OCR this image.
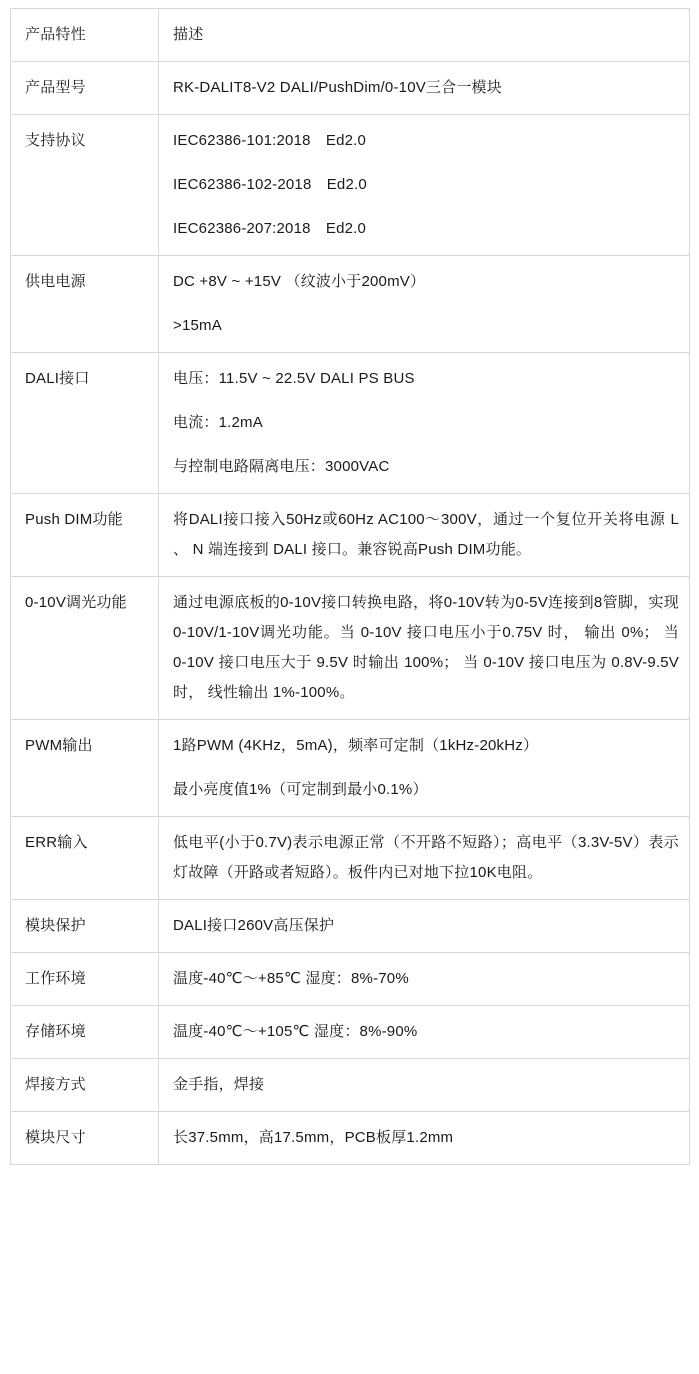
产品特性	描述
产品型号	RK-DALIT8-V2 DALI/PushDim/0-10V三合一模块

支持协议	IEC62386-101:2018　Ed2.0
IEC62386-102-2018　Ed2.0
IEC62386-207:2018　Ed2.0

供电电源	DC +8V ~ +15V （纹波小于200mV）
>15mA

DALI接口	电压：11.5V ~ 22.5V DALI PS BUS
电流：1.2mA
与控制电路隔离电压：3000VAC

Push DIM功能	将DALI接口接入50Hz或60Hz AC100～300V，通过一个复位开关将电源 L 、 N 端连接到 DALI 接口。兼容锐高Push DIM功能。

0-10V调光功能	通过电源底板的0-10V接口转换电路，将0-10V转为0-5V连接到8管脚，实现0-10V/1-10V调光功能。当 0-10V 接口电压小于0.75V 时， 输出 0%； 当 0-10V 接口电压大于 9.5V 时输出 100%； 当 0-10V 接口电压为 0.8V-9.5V 时， 线性输出 1%-100%。

PWM输出	1路PWM (4KHz，5mA)，频率可定制（1kHz-20kHz）
最小亮度值1%（可定制到最小0.1%）

ERR输入	低电平(小于0.7V)表示电源正常（不开路不短路）；高电平（3.3V-5V）表示灯故障（开路或者短路）。板件内已对地下拉10K电阻。

模块保护	DALI接口260V高压保护

工作环境	温度-40℃～+85℃ 湿度：8%-70%

存储环境	温度-40℃～+105℃ 湿度：8%-90%

焊接方式	金手指，焊接

模块尺寸	长37.5mm，高17.5mm，PCB板厚1.2mm
